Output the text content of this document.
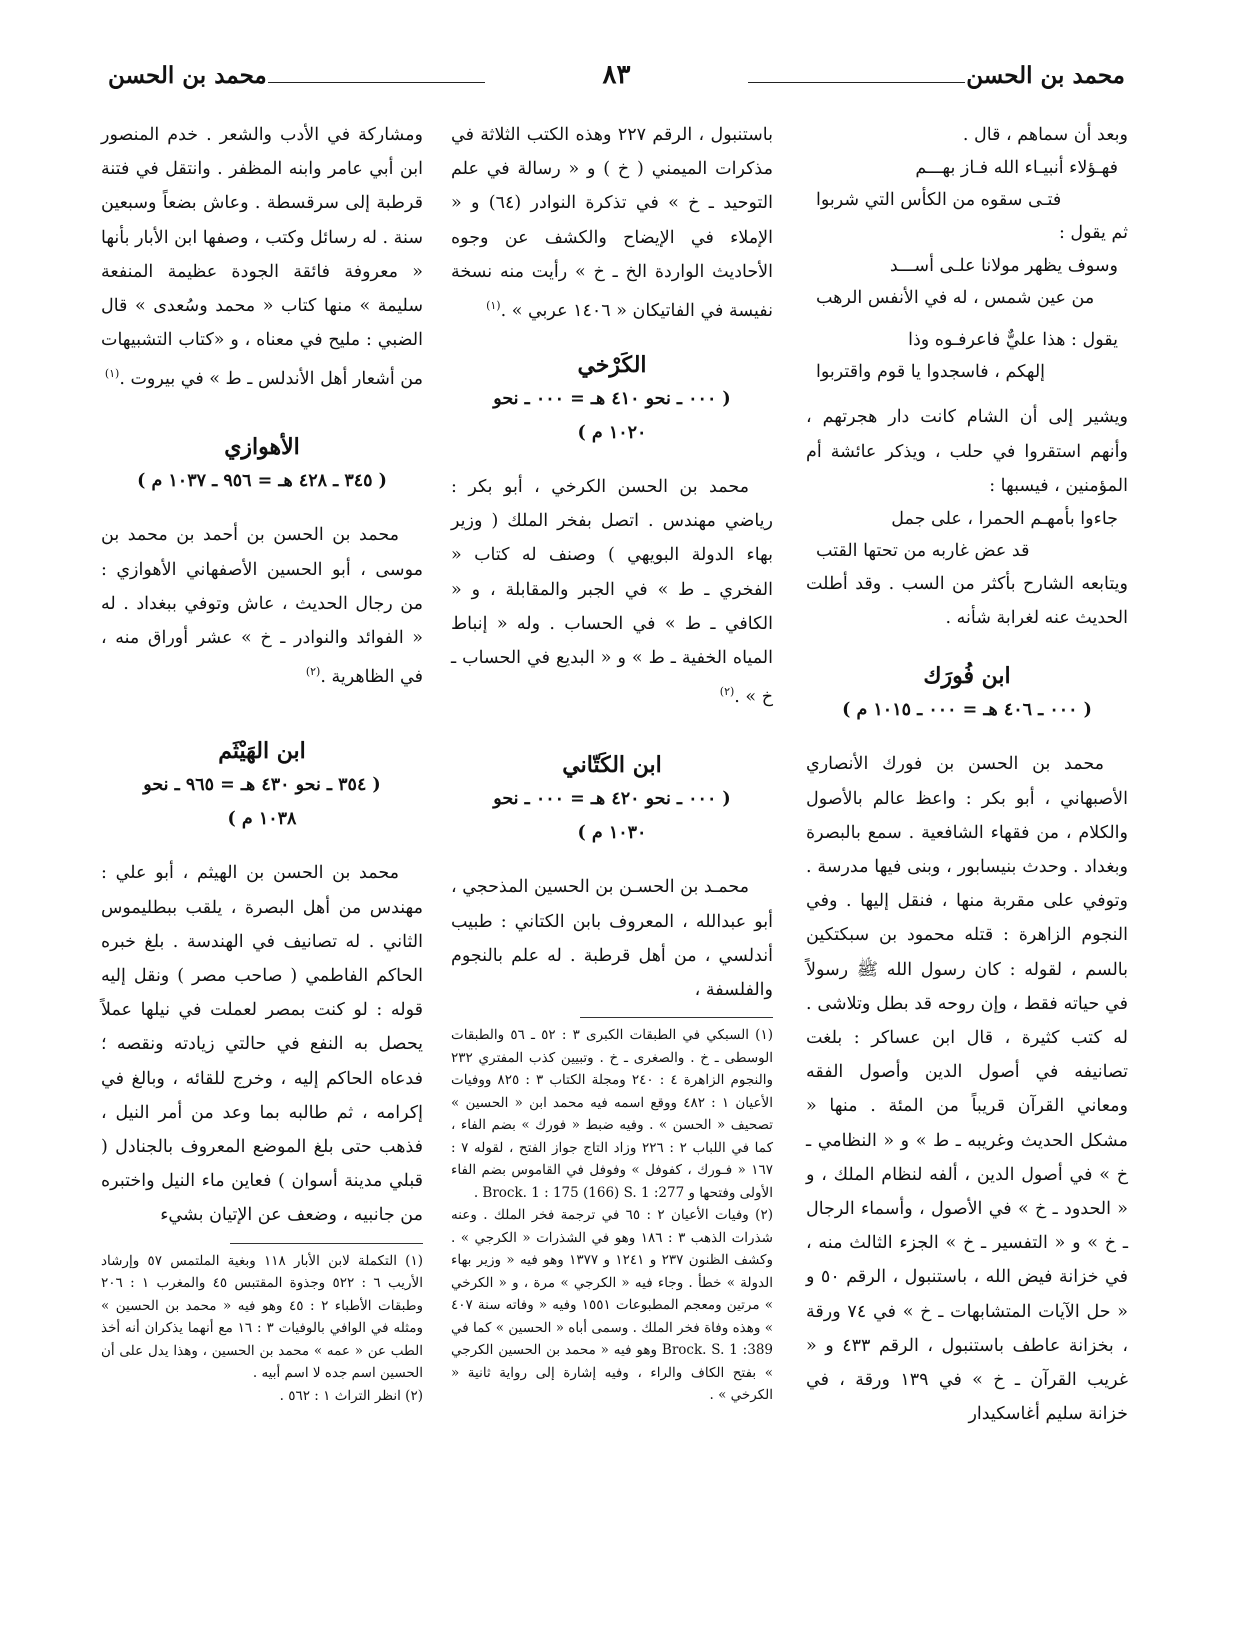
محمد بن الحسن
٨٣
محمد بن الحسن
وبعد أن سماهم ، قال .
فهـؤلاء أنبيـاء الله فـاز بهـــم
فتـى سقوه من الكأس التي شربوا
ثم يقول :
وسوف يظهر مولانا علـى أســـد
من عين شمس ، له في الأنفس الرهب
يقول : هذا عليٌّ فاعرفـوه وذا
إلهكم ، فاسجدوا يا قوم واقتربوا
ويشير إلى أن الشام كانت دار هجرتهم ، وأنهم استقروا في حلب ، ويذكر عائشة أم المؤمنين ، فيسبها :
جاءوا بأمهـم الحمرا ، على جمل
قد عض غاربه من تحتها القتب
ويتابعه الشارح بأكثر من السب . وقد أطلت الحديث عنه لغرابة شأنه .
ابن فُورَك
( ٠٠٠ ـ ٤٠٦ هـ = ٠٠٠ ـ ١٠١٥ م )
محمد بن الحسن بن فورك الأنصاري الأصبهاني ، أبو بكر : واعظ عالم بالأصول والكلام ، من فقهاء الشافعية . سمع بالبصرة وبغداد . وحدث بنيسابور ، وبنى فيها مدرسة . وتوفي على مقربة منها ، فنقل إليها . وفي النجوم الزاهرة : قتله محمود بن سبكتكين بالسم ، لقوله : كان رسول الله ﷺ رسولاً في حياته فقط ، وإن روحه قد بطل وتلاشى . له كتب كثيرة ، قال ابن عساكر : بلغت تصانيفه في أصول الدين وأصول الفقه ومعاني القرآن قريباً من المئة . منها « مشكل الحديث وغريبه ـ ط » و « النظامي ـ خ » في أصول الدين ، ألفه لنظام الملك ، و « الحدود ـ خ » في الأصول ، وأسماء الرجال ـ خ » و « التفسير ـ خ » الجزء الثالث منه ، في خزانة فيض الله ، باستنبول ، الرقم ٥٠ و « حل الآيات المتشابهات ـ خ » في ٧٤ ورقة ، بخزانة عاطف باستنبول ، الرقم ٤٣٣ و « غريب القرآن ـ خ » في ١٣٩ ورقة ، في خزانة سليم أغاسكيدار
باستنبول ، الرقم ٢٢٧ وهذه الكتب الثلاثة في مذكرات الميمني ( خ ) و « رسالة في علم التوحيد ـ خ » في تذكرة النوادر (٦٤) و « الإملاء في الإيضاح والكشف عن وجوه الأحاديث الواردة الخ ـ خ » رأيت منه نسخة نفيسة في الفاتيكان « ١٤٠٦ عربي » .$^{(١)}$
الكَرْخي
( ٠٠٠ ـ نحو ٤١٠ هـ = ٠٠٠ ـ نحو
١٠٢٠ م )
محمد بن الحسن الكرخي ، أبو بكر : رياضي مهندس . اتصل بفخر الملك ( وزير بهاء الدولة البويهي ) وصنف له كتاب « الفخري ـ ط » في الجبر والمقابلة ، و « الكافي ـ ط » في الحساب . وله « إنباط المياه الخفية ـ ط » و « البديع في الحساب ـ خ » .$^{(٢)}$
ابن الكَتّاني
( ٠٠٠ ـ نحو ٤٢٠ هـ = ٠٠٠ ـ نحو
١٠٣٠ م )
محمـد بن الحسـن بن الحسين المذحجي ، أبو عبدالله ، المعروف بابن الكتاني : طبيب أندلسي ، من أهل قرطبة . له علم بالنجوم والفلسفة ،
(١) السبكي في الطبقات الكبرى ٣ : ٥٢ ـ ٥٦ والطبقات الوسطى ـ خ . والصغرى ـ خ . وتبيين كذب المفتري ٢٣٢ والنجوم الزاهرة ٤ : ٢٤٠ ومجلة الكتاب ٣ : ٨٢٥ ووفيات الأعيان ١ : ٤٨٢ ووقع اسمه فيه محمد ابن « الحسين » تصحيف « الحسن » . وفيه ضبط « فورك » بضم الفاء ، كما في اللباب ٢ : ٢٢٦ وزاد التاج جواز الفتح ، لقوله ٧ : ١٦٧ « فـورك ، كفوفل » وفوفل في القاموس بضم الفاء الأولى وفتحها و Brock. 1 : 175 (166) S. 1 :277 .
(٢) وفيات الأعيان ٢ : ٦٥ في ترجمة فخر الملك . وعنه شذرات الذهب ٣ : ١٨٦ وهو في الشذرات « الكرجي » . وكشف الظنون ٢٣٧ و ١٢٤١ و ١٣٧٧ وهو فيه « وزير بهاء الدولة » خطأ . وجاء فيه « الكرجي » مرة ، و « الكرخي » مرتين ومعجم المطبوعات ١٥٥١ وفيه « وفاته سنة ٤٠٧ » وهذه وفاة فخر الملك . وسمى أباه « الحسين » كما في Brock. S. 1 :389 وهو فيه « محمد بن الحسين الكرجي » بفتح الكاف والراء ، وفيه إشارة إلى رواية ثانية « الكرخي » .
ومشاركة في الأدب والشعر . خدم المنصور ابن أبي عامر وابنه المظفر . وانتقل في فتنة قرطبة إلى سرقسطة . وعاش بضعاً وسبعين سنة . له رسائل وكتب ، وصفها ابن الأبار بأنها « معروفة فائقة الجودة عظيمة المنفعة سليمة » منها كتاب « محمد وسُعدى » قال الضبي : مليح في معناه ، و «كتاب التشبيهات من أشعار أهل الأندلس ـ ط » في بيروت .$^{(١)}$
الأهوازي
( ٣٤٥ ـ ٤٢٨ هـ = ٩٥٦ ـ ١٠٣٧ م )
محمد بن الحسن بن أحمد بن محمد بن موسى ، أبو الحسين الأصفهاني الأهوازي : من رجال الحديث ، عاش وتوفي ببغداد . له « الفوائد والنوادر ـ خ » عشر أوراق منه ، في الظاهرية .$^{(٢)}$
ابن الهَيْثَم
( ٣٥٤ ـ نحو ٤٣٠ هـ = ٩٦٥ ـ نحو
١٠٣٨ م )
محمد بن الحسن بن الهيثم ، أبو علي : مهندس من أهل البصرة ، يلقب ببطليموس الثاني . له تصانيف في الهندسة . بلغ خبره الحاكم الفاطمي ( صاحب مصر ) ونقل إليه قوله : لو كنت بمصر لعملت في نيلها عملاً يحصل به النفع في حالتي زيادته ونقصه ؛ فدعاه الحاكم إليه ، وخرج للقائه ، وبالغ في إكرامه ، ثم طالبه بما وعد من أمر النيل ، فذهب حتى بلغ الموضع المعروف بالجنادل ( قبلي مدينة أسوان ) فعاين ماء النيل واختبره من جانبيه ، وضعف عن الإتيان بشيء
(١) التكملة لابن الأبار ١١٨ وبغية الملتمس ٥٧ وإرشاد الأريب ٦ : ٥٢٢ وجذوة المقتبس ٤٥ والمغرب ١ : ٢٠٦ وطبقات الأطباء ٢ : ٤٥ وهو فيه « محمد بن الحسين » ومثله في الوافي بالوفيات ٣ : ١٦ مع أنهما يذكران أنه أخذ الطب عن « عمه » محمد بن الحسين ، وهذا يدل على أن الحسين اسم جده لا اسم أبيه .
(٢) انظر التراث ١ : ٥٦٢ .
